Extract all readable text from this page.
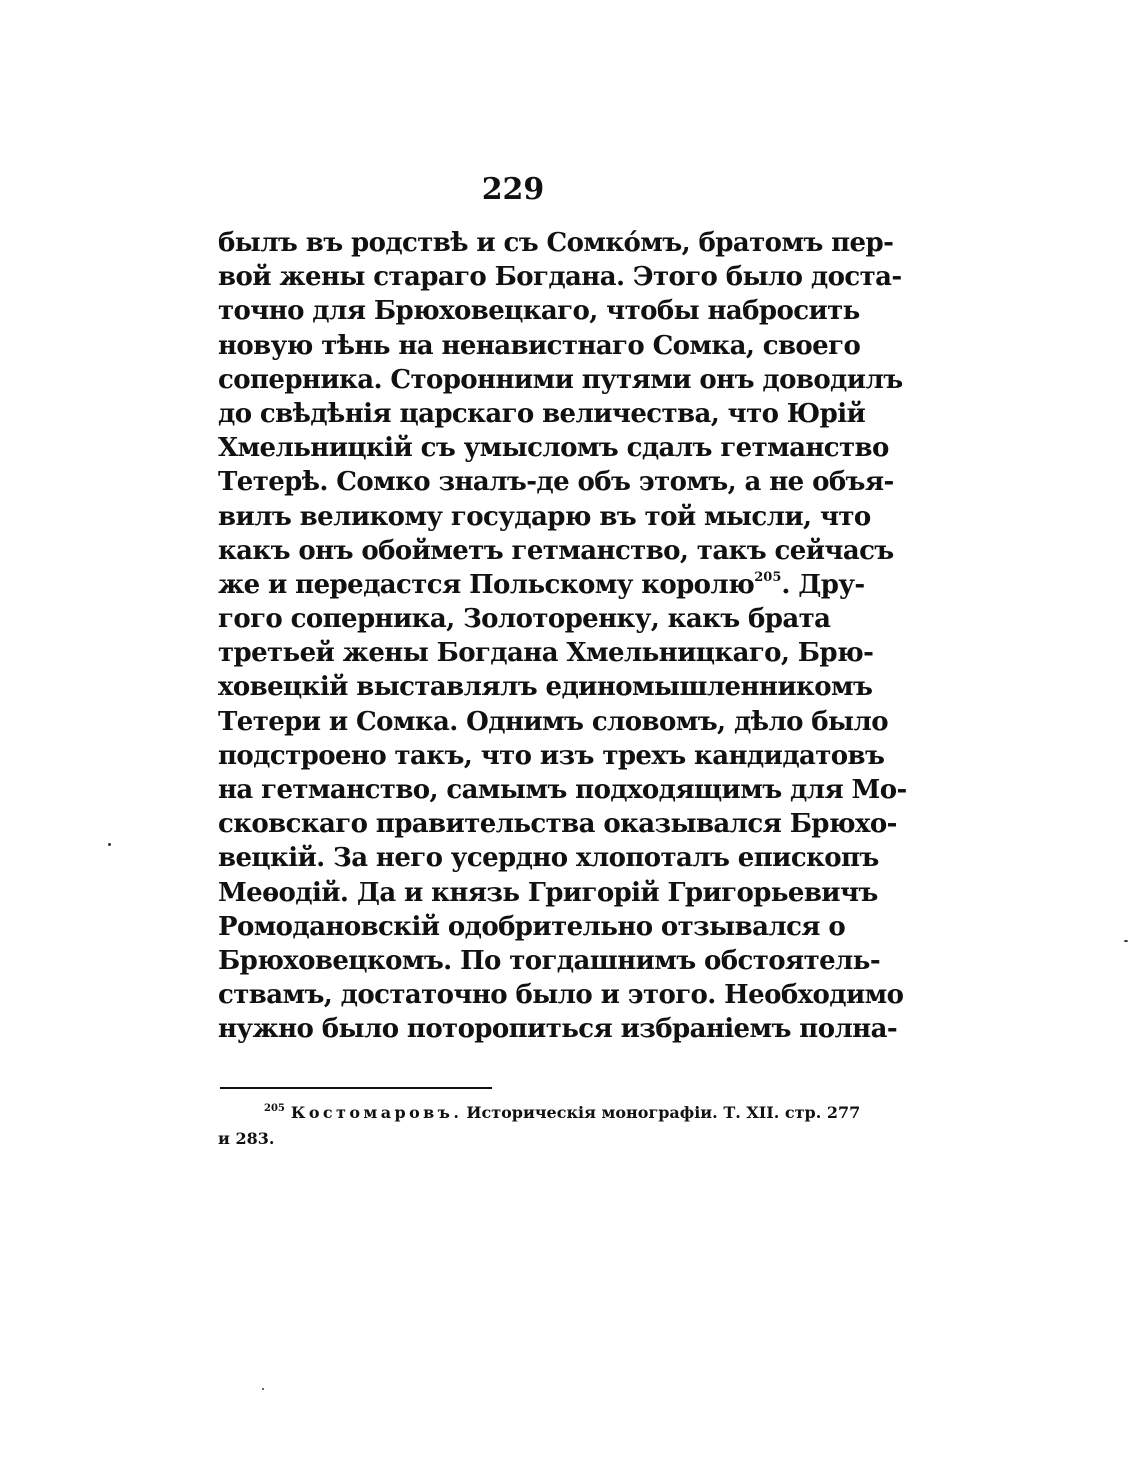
229
былъ въ родствѣ и съ Сомкóмъ, братомъ пер-
вой жены стараго Богдана. Этого было доста-
точно для Брюховецкаго, чтобы набросить
новую тѣнь на ненавистнаго Сомка, своего
соперника. Сторонними путями онъ доводилъ
до свѣдѣнія царскаго величества, что Юрій
Хмельницкій съ умысломъ сдалъ гетманство
Тетерѣ. Сомко зналъ-де объ этомъ, а не объя-
вилъ великому государю въ той мысли, что
какъ онъ обойметъ гетманство, такъ сейчасъ
же и передастся Польскому королю$^{205}$. Дру-
гого соперника, Золоторенку, какъ брата
третьей жены Богдана Хмельницкаго, Брю-
ховецкій выставлялъ единомышленникомъ
Тетери и Сомка. Однимъ словомъ, дѣло было
подстроено такъ, что изъ трехъ кандидатовъ
на гетманство, самымъ подходящимъ для Мо-
сковскаго правительства оказывался Брюхо-
вецкій. За него усердно хлопоталъ епископъ
Меѳодій. Да и князь Григорій Григорьевичъ
Ромодановскій одобрительно отзывался о
Брюховецкомъ. По тогдашнимъ обстоятель-
ствамъ, достаточно было и этого. Необходимо
нужно было поторопиться избраніемъ полна-
$^{205}$ Костомаровъ. Историческія монографіи. Т. XII. стр. 277
и 283.
